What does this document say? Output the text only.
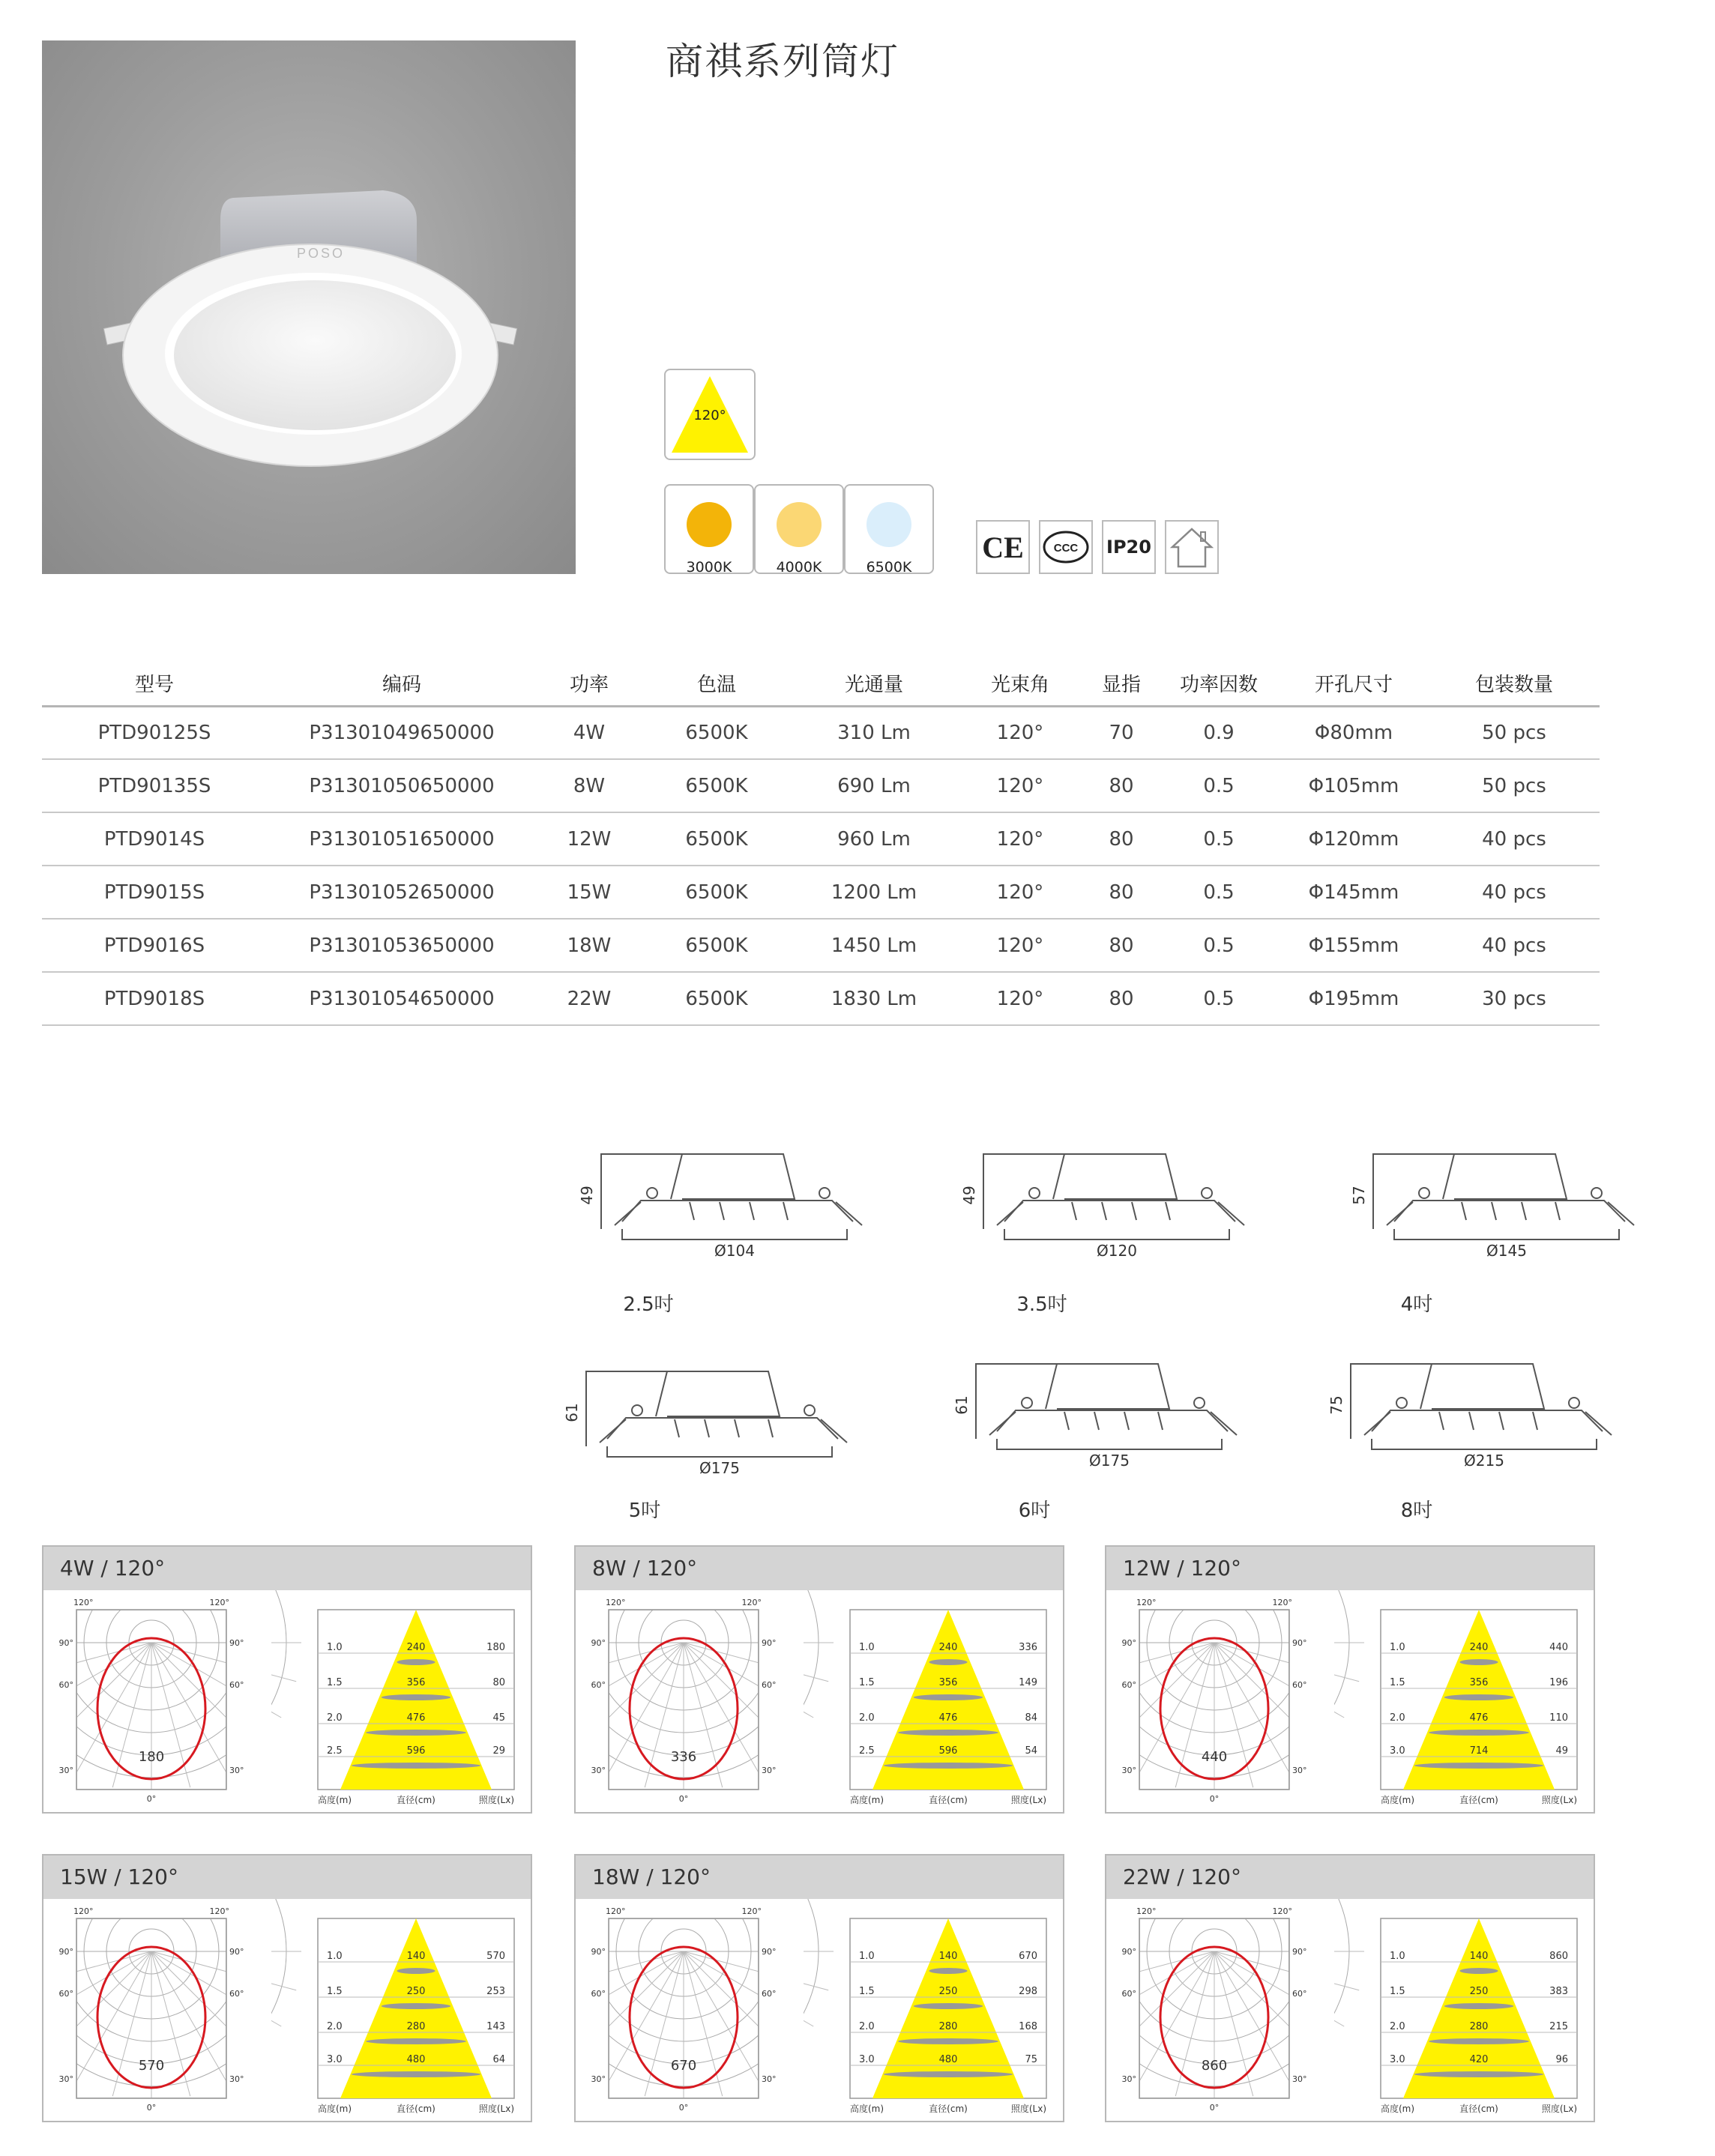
POSO
商祺系列筒灯
120°
3000K	4000K	6500K
CE	CCC IP20
型号	编码	功率	色温	光通量	光束角	显指	功率因数	开孔尺寸	包装数量
PTD90125S	P31301049650000	4W	6500K	310 Lm	120°	70	0.9	Φ80mm	50 pcs
PTD90135S	P31301050650000	8W	6500K	690 Lm	120°	80	0.5	Φ105mm	50 pcs
PTD9014S	P31301051650000	12W	6500K	960 Lm	120°	80	0.5	Φ120mm	40 pcs
PTD9015S	P31301052650000	15W	6500K	1200 Lm	120°	80	0.5	Φ145mm	40 pcs
PTD9016S	P31301053650000	18W	6500K	1450 Lm	120°	80	0.5	Φ155mm	40 pcs
PTD9018S	P31301054650000	22W	6500K	1830 Lm	120°	80	0.5	Φ195mm	30 pcs
49
Ø104
2.5吋
49
Ø120
3.5吋
57
Ø145
4吋
61
Ø175
5吋
61
Ø175
6吋
75
Ø215
8吋
4W / 120°
120°	120°
90°	90°
60°	60°
30°	30°
0°
180
1.0	240	180
1.5	356	80
2.0	476	45
2.5	596	29
高度(m)	直径(cm)	照度(Lx)
8W / 120°
120°	120°
90°	90°
60°	60°
30°	30°
0°
336
1.0	240	336
1.5	356	149
2.0	476	84
2.5	596	54
高度(m)	直径(cm)	照度(Lx)
12W / 120°
120°	120°
90°	90°
60°	60°
30°	30°
0°
440
1.0	240	440
1.5	356	196
2.0	476	110
3.0	714	49
高度(m)	直径(cm)	照度(Lx)
15W / 120°
120°	120°
90°	90°
60°	60°
30°	30°
0°
570
1.0	140	570
1.5	250	253
2.0	280	143
3.0	480	64
高度(m)	直径(cm)	照度(Lx)
18W / 120°
120°	120°
90°	90°
60°	60°
30°	30°
0°
670
1.0	140	670
1.5	250	298
2.0	280	168
3.0	480	75
高度(m)	直径(cm)	照度(Lx)
22W / 120°
120°	120°
90°	90°
60°	60°
30°	30°
0°
860
1.0	140	860
1.5	250	383
2.0	280	215
3.0	420	96
高度(m)	直径(cm)	照度(Lx)
